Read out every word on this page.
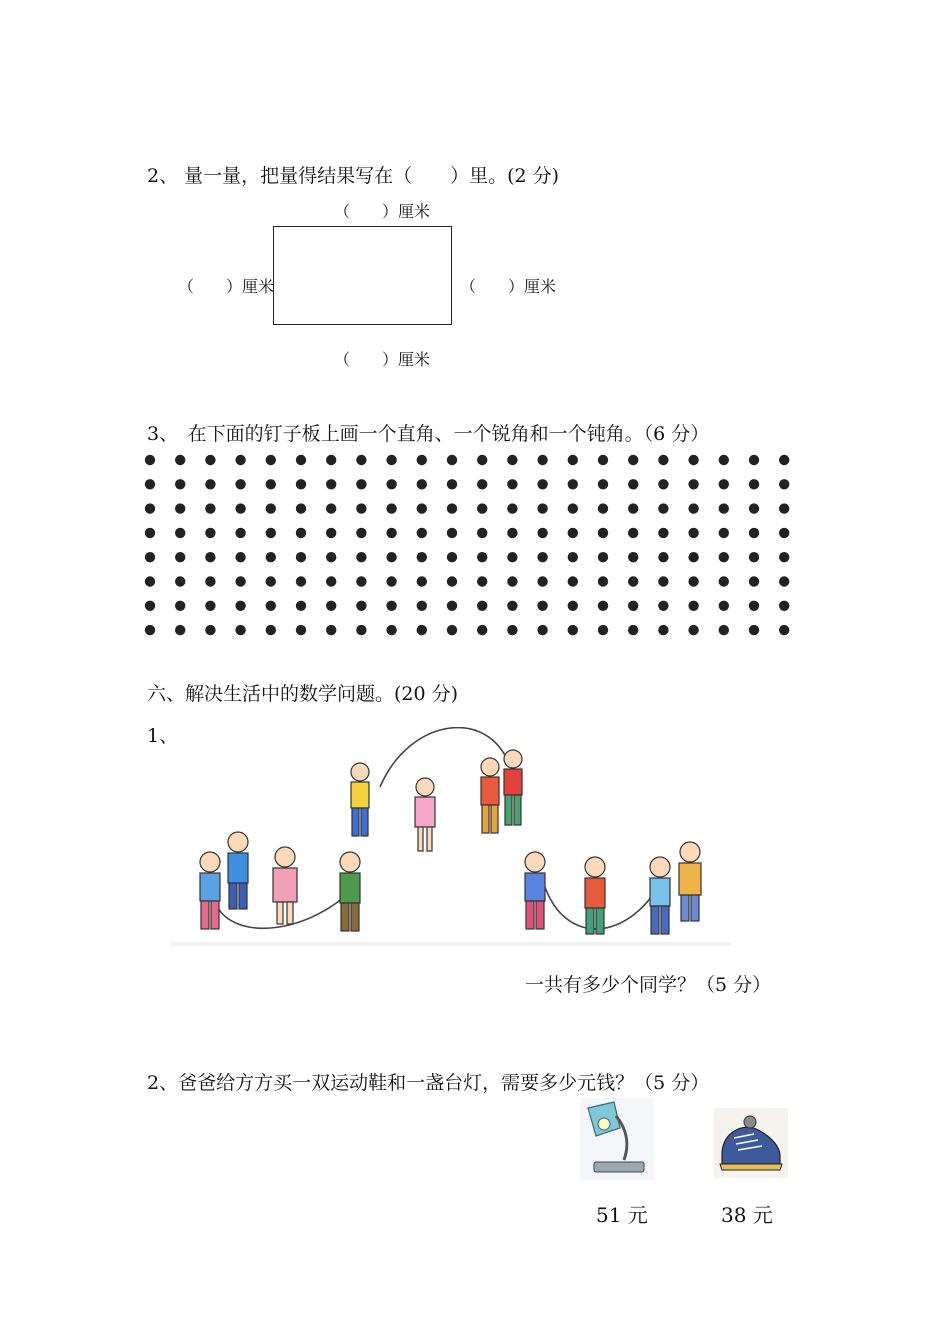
2、 量一量，把量得结果写在（　　）里。(2 分)
（　　）厘米
（　　）厘米	（　　）厘米
（　　）厘米
3、　在下面的钉子板上画一个直角、一个锐角和一个钝角。（6 分）
六、解决生活中的数学问题。(20 分)
1、
一共有多少个同学？（5 分）
2、爸爸给方方买一双运动鞋和一盏台灯，需要多少元钱？（5 分）
51 元	38 元
